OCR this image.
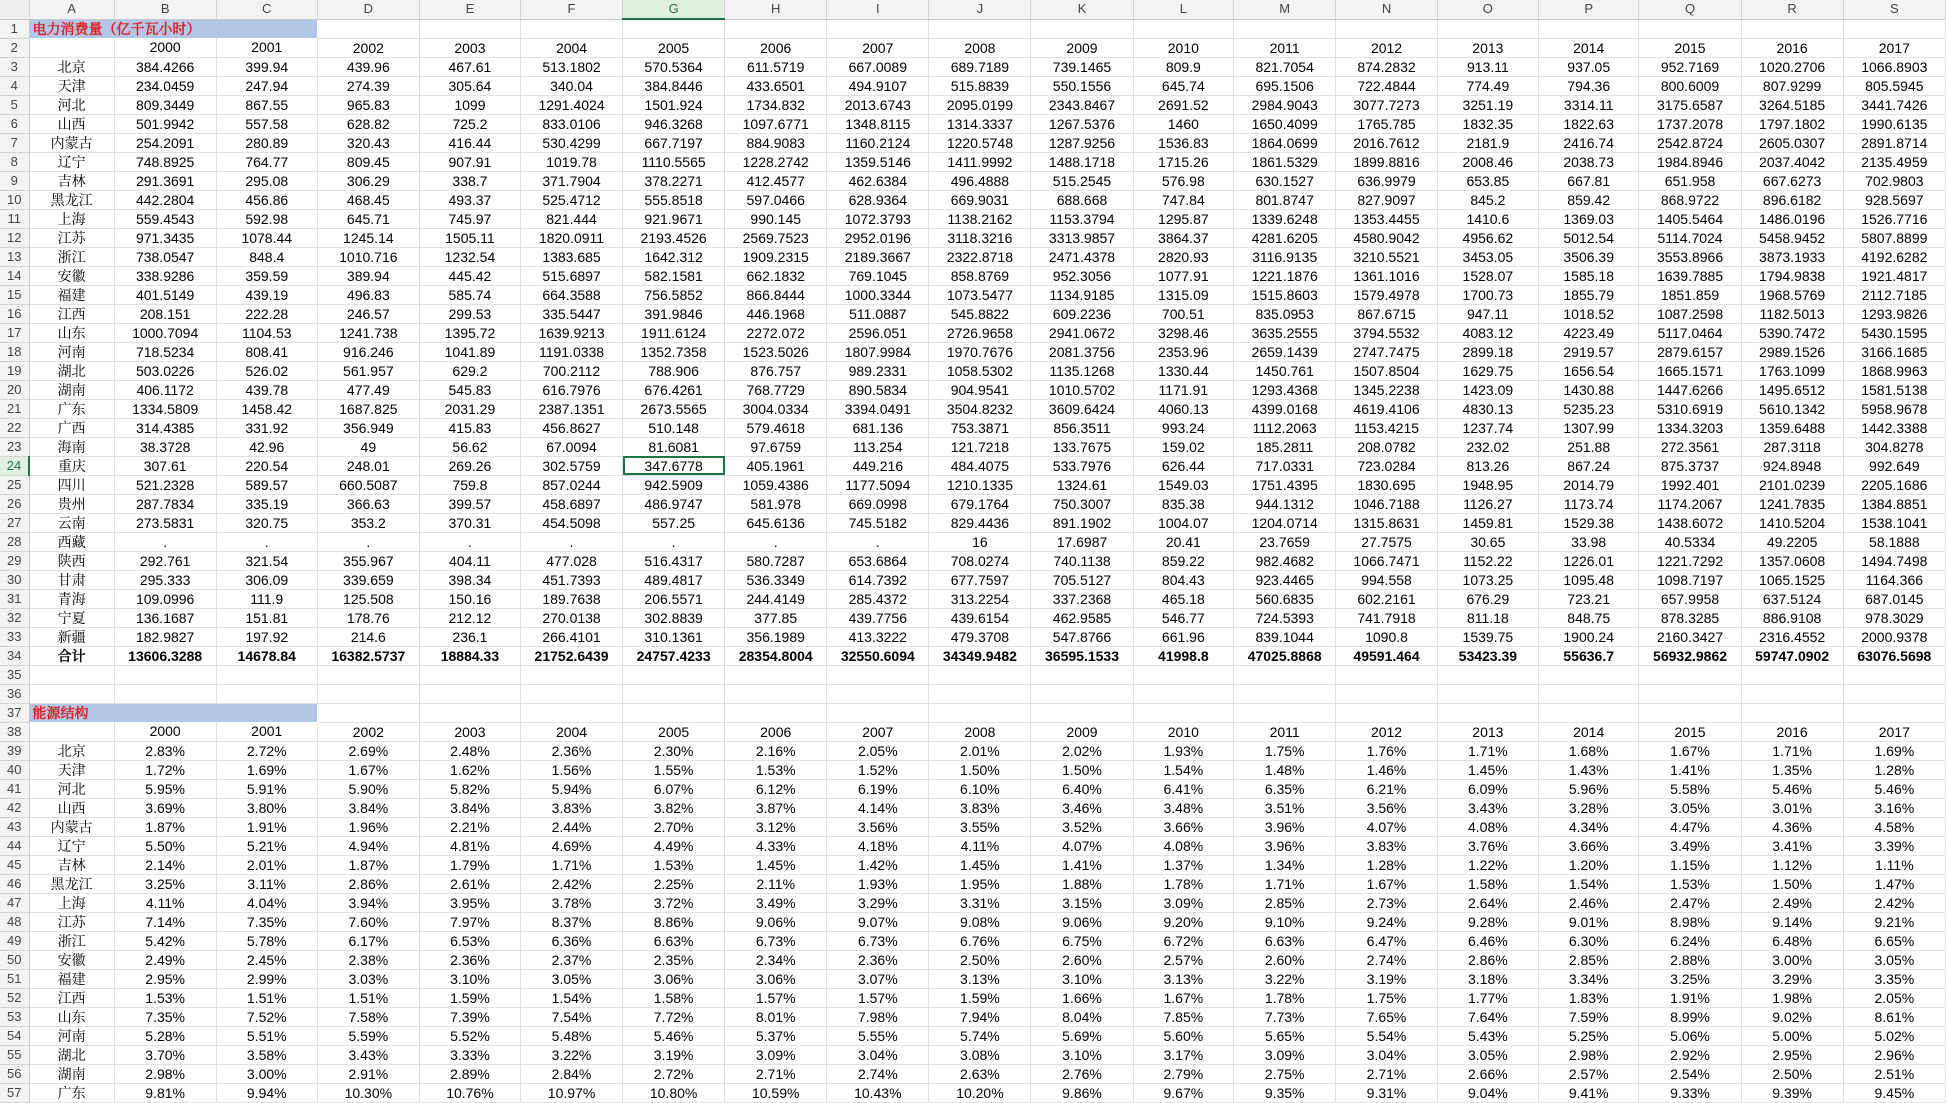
	A	B	C	D	E	F	G	H	I	J	K	L	M	N	O	P	Q	R	S
1	电力消费量（亿千瓦小时）																		
2		2000	2001	2002	2003	2004	2005	2006	2007	2008	2009	2010	2011	2012	2013	2014	2015	2016	2017
3	北京	384.4266	399.94	439.96	467.61	513.1802	570.5364	611.5719	667.0089	689.7189	739.1465	809.9	821.7054	874.2832	913.11	937.05	952.7169	1020.2706	1066.8903
4	天津	234.0459	247.94	274.39	305.64	340.04	384.8446	433.6501	494.9107	515.8839	550.1556	645.74	695.1506	722.4844	774.49	794.36	800.6009	807.9299	805.5945
5	河北	809.3449	867.55	965.83	1099	1291.4024	1501.924	1734.832	2013.6743	2095.0199	2343.8467	2691.52	2984.9043	3077.7273	3251.19	3314.11	3175.6587	3264.5185	3441.7426
6	山西	501.9942	557.58	628.82	725.2	833.0106	946.3268	1097.6771	1348.8115	1314.3337	1267.5376	1460	1650.4099	1765.785	1832.35	1822.63	1737.2078	1797.1802	1990.6135
7	内蒙古	254.2091	280.89	320.43	416.44	530.4299	667.7197	884.9083	1160.2124	1220.5748	1287.9256	1536.83	1864.0699	2016.7612	2181.9	2416.74	2542.8724	2605.0307	2891.8714
8	辽宁	748.8925	764.77	809.45	907.91	1019.78	1110.5565	1228.2742	1359.5146	1411.9992	1488.1718	1715.26	1861.5329	1899.8816	2008.46	2038.73	1984.8946	2037.4042	2135.4959
9	吉林	291.3691	295.08	306.29	338.7	371.7904	378.2271	412.4577	462.6384	496.4888	515.2545	576.98	630.1527	636.9979	653.85	667.81	651.958	667.6273	702.9803
10	黑龙江	442.2804	456.86	468.45	493.37	525.4712	555.8518	597.0466	628.9364	669.9031	688.668	747.84	801.8747	827.9097	845.2	859.42	868.9722	896.6182	928.5697
11	上海	559.4543	592.98	645.71	745.97	821.444	921.9671	990.145	1072.3793	1138.2162	1153.3794	1295.87	1339.6248	1353.4455	1410.6	1369.03	1405.5464	1486.0196	1526.7716
12	江苏	971.3435	1078.44	1245.14	1505.11	1820.0911	2193.4526	2569.7523	2952.0196	3118.3216	3313.9857	3864.37	4281.6205	4580.9042	4956.62	5012.54	5114.7024	5458.9452	5807.8899
13	浙江	738.0547	848.4	1010.716	1232.54	1383.685	1642.312	1909.2315	2189.3667	2322.8718	2471.4378	2820.93	3116.9135	3210.5521	3453.05	3506.39	3553.8966	3873.1933	4192.6282
14	安徽	338.9286	359.59	389.94	445.42	515.6897	582.1581	662.1832	769.1045	858.8769	952.3056	1077.91	1221.1876	1361.1016	1528.07	1585.18	1639.7885	1794.9838	1921.4817
15	福建	401.5149	439.19	496.83	585.74	664.3588	756.5852	866.8444	1000.3344	1073.5477	1134.9185	1315.09	1515.8603	1579.4978	1700.73	1855.79	1851.859	1968.5769	2112.7185
16	江西	208.151	222.28	246.57	299.53	335.5447	391.9846	446.1968	511.0887	545.8822	609.2236	700.51	835.0953	867.6715	947.11	1018.52	1087.2598	1182.5013	1293.9826
17	山东	1000.7094	1104.53	1241.738	1395.72	1639.9213	1911.6124	2272.072	2596.051	2726.9658	2941.0672	3298.46	3635.2555	3794.5532	4083.12	4223.49	5117.0464	5390.7472	5430.1595
18	河南	718.5234	808.41	916.246	1041.89	1191.0338	1352.7358	1523.5026	1807.9984	1970.7676	2081.3756	2353.96	2659.1439	2747.7475	2899.18	2919.57	2879.6157	2989.1526	3166.1685
19	湖北	503.0226	526.02	561.957	629.2	700.2112	788.906	876.757	989.2331	1058.5302	1135.1268	1330.44	1450.761	1507.8504	1629.75	1656.54	1665.1571	1763.1099	1868.9963
20	湖南	406.1172	439.78	477.49	545.83	616.7976	676.4261	768.7729	890.5834	904.9541	1010.5702	1171.91	1293.4368	1345.2238	1423.09	1430.88	1447.6266	1495.6512	1581.5138
21	广东	1334.5809	1458.42	1687.825	2031.29	2387.1351	2673.5565	3004.0334	3394.0491	3504.8232	3609.6424	4060.13	4399.0168	4619.4106	4830.13	5235.23	5310.6919	5610.1342	5958.9678
22	广西	314.4385	331.92	356.949	415.83	456.8627	510.148	579.4618	681.136	753.3871	856.3511	993.24	1112.2063	1153.4215	1237.74	1307.99	1334.3203	1359.6488	1442.3388
23	海南	38.3728	42.96	49	56.62	67.0094	81.6081	97.6759	113.254	121.7218	133.7675	159.02	185.2811	208.0782	232.02	251.88	272.3561	287.3118	304.8278
24	重庆	307.61	220.54	248.01	269.26	302.5759	347.6778	405.1961	449.216	484.4075	533.7976	626.44	717.0331	723.0284	813.26	867.24	875.3737	924.8948	992.649
25	四川	521.2328	589.57	660.5087	759.8	857.0244	942.5909	1059.4386	1177.5094	1210.1335	1324.61	1549.03	1751.4395	1830.695	1948.95	2014.79	1992.401	2101.0239	2205.1686
26	贵州	287.7834	335.19	366.63	399.57	458.6897	486.9747	581.978	669.0998	679.1764	750.3007	835.38	944.1312	1046.7188	1126.27	1173.74	1174.2067	1241.7835	1384.8851
27	云南	273.5831	320.75	353.2	370.31	454.5098	557.25	645.6136	745.5182	829.4436	891.1902	1004.07	1204.0714	1315.8631	1459.81	1529.38	1438.6072	1410.5204	1538.1041
28	西藏	.	.	.	.	.	.	.	.	16	17.6987	20.41	23.7659	27.7575	30.65	33.98	40.5334	49.2205	58.1888
29	陕西	292.761	321.54	355.967	404.11	477.028	516.4317	580.7287	653.6864	708.0274	740.1138	859.22	982.4682	1066.7471	1152.22	1226.01	1221.7292	1357.0608	1494.7498
30	甘肃	295.333	306.09	339.659	398.34	451.7393	489.4817	536.3349	614.7392	677.7597	705.5127	804.43	923.4465	994.558	1073.25	1095.48	1098.7197	1065.1525	1164.366
31	青海	109.0996	111.9	125.508	150.16	189.7638	206.5571	244.4149	285.4372	313.2254	337.2368	465.18	560.6835	602.2161	676.29	723.21	657.9958	637.5124	687.0145
32	宁夏	136.1687	151.81	178.76	212.12	270.0138	302.8839	377.85	439.7756	439.6154	462.9585	546.77	724.5393	741.7918	811.18	848.75	878.3285	886.9108	978.3029
33	新疆	182.9827	197.92	214.6	236.1	266.4101	310.1361	356.1989	413.3222	479.3708	547.8766	661.96	839.1044	1090.8	1539.75	1900.24	2160.3427	2316.4552	2000.9378
34	合计	13606.3288	14678.84	16382.5737	18884.33	21752.6439	24757.4233	28354.8004	32550.6094	34349.9482	36595.1533	41998.8	47025.8868	49591.464	53423.39	55636.7	56932.9862	59747.0902	63076.5698
35																			
36																			
37	能源结构																		
38		2000	2001	2002	2003	2004	2005	2006	2007	2008	2009	2010	2011	2012	2013	2014	2015	2016	2017
39	北京	2.83%	2.72%	2.69%	2.48%	2.36%	2.30%	2.16%	2.05%	2.01%	2.02%	1.93%	1.75%	1.76%	1.71%	1.68%	1.67%	1.71%	1.69%
40	天津	1.72%	1.69%	1.67%	1.62%	1.56%	1.55%	1.53%	1.52%	1.50%	1.50%	1.54%	1.48%	1.46%	1.45%	1.43%	1.41%	1.35%	1.28%
41	河北	5.95%	5.91%	5.90%	5.82%	5.94%	6.07%	6.12%	6.19%	6.10%	6.40%	6.41%	6.35%	6.21%	6.09%	5.96%	5.58%	5.46%	5.46%
42	山西	3.69%	3.80%	3.84%	3.84%	3.83%	3.82%	3.87%	4.14%	3.83%	3.46%	3.48%	3.51%	3.56%	3.43%	3.28%	3.05%	3.01%	3.16%
43	内蒙古	1.87%	1.91%	1.96%	2.21%	2.44%	2.70%	3.12%	3.56%	3.55%	3.52%	3.66%	3.96%	4.07%	4.08%	4.34%	4.47%	4.36%	4.58%
44	辽宁	5.50%	5.21%	4.94%	4.81%	4.69%	4.49%	4.33%	4.18%	4.11%	4.07%	4.08%	3.96%	3.83%	3.76%	3.66%	3.49%	3.41%	3.39%
45	吉林	2.14%	2.01%	1.87%	1.79%	1.71%	1.53%	1.45%	1.42%	1.45%	1.41%	1.37%	1.34%	1.28%	1.22%	1.20%	1.15%	1.12%	1.11%
46	黑龙江	3.25%	3.11%	2.86%	2.61%	2.42%	2.25%	2.11%	1.93%	1.95%	1.88%	1.78%	1.71%	1.67%	1.58%	1.54%	1.53%	1.50%	1.47%
47	上海	4.11%	4.04%	3.94%	3.95%	3.78%	3.72%	3.49%	3.29%	3.31%	3.15%	3.09%	2.85%	2.73%	2.64%	2.46%	2.47%	2.49%	2.42%
48	江苏	7.14%	7.35%	7.60%	7.97%	8.37%	8.86%	9.06%	9.07%	9.08%	9.06%	9.20%	9.10%	9.24%	9.28%	9.01%	8.98%	9.14%	9.21%
49	浙江	5.42%	5.78%	6.17%	6.53%	6.36%	6.63%	6.73%	6.73%	6.76%	6.75%	6.72%	6.63%	6.47%	6.46%	6.30%	6.24%	6.48%	6.65%
50	安徽	2.49%	2.45%	2.38%	2.36%	2.37%	2.35%	2.34%	2.36%	2.50%	2.60%	2.57%	2.60%	2.74%	2.86%	2.85%	2.88%	3.00%	3.05%
51	福建	2.95%	2.99%	3.03%	3.10%	3.05%	3.06%	3.06%	3.07%	3.13%	3.10%	3.13%	3.22%	3.19%	3.18%	3.34%	3.25%	3.29%	3.35%
52	江西	1.53%	1.51%	1.51%	1.59%	1.54%	1.58%	1.57%	1.57%	1.59%	1.66%	1.67%	1.78%	1.75%	1.77%	1.83%	1.91%	1.98%	2.05%
53	山东	7.35%	7.52%	7.58%	7.39%	7.54%	7.72%	8.01%	7.98%	7.94%	8.04%	7.85%	7.73%	7.65%	7.64%	7.59%	8.99%	9.02%	8.61%
54	河南	5.28%	5.51%	5.59%	5.52%	5.48%	5.46%	5.37%	5.55%	5.74%	5.69%	5.60%	5.65%	5.54%	5.43%	5.25%	5.06%	5.00%	5.02%
55	湖北	3.70%	3.58%	3.43%	3.33%	3.22%	3.19%	3.09%	3.04%	3.08%	3.10%	3.17%	3.09%	3.04%	3.05%	2.98%	2.92%	2.95%	2.96%
56	湖南	2.98%	3.00%	2.91%	2.89%	2.84%	2.72%	2.71%	2.74%	2.63%	2.76%	2.79%	2.75%	2.71%	2.66%	2.57%	2.54%	2.50%	2.51%
57	广东	9.81%	9.94%	10.30%	10.76%	10.97%	10.80%	10.59%	10.43%	10.20%	9.86%	9.67%	9.35%	9.31%	9.04%	9.41%	9.33%	9.39%	9.45%
